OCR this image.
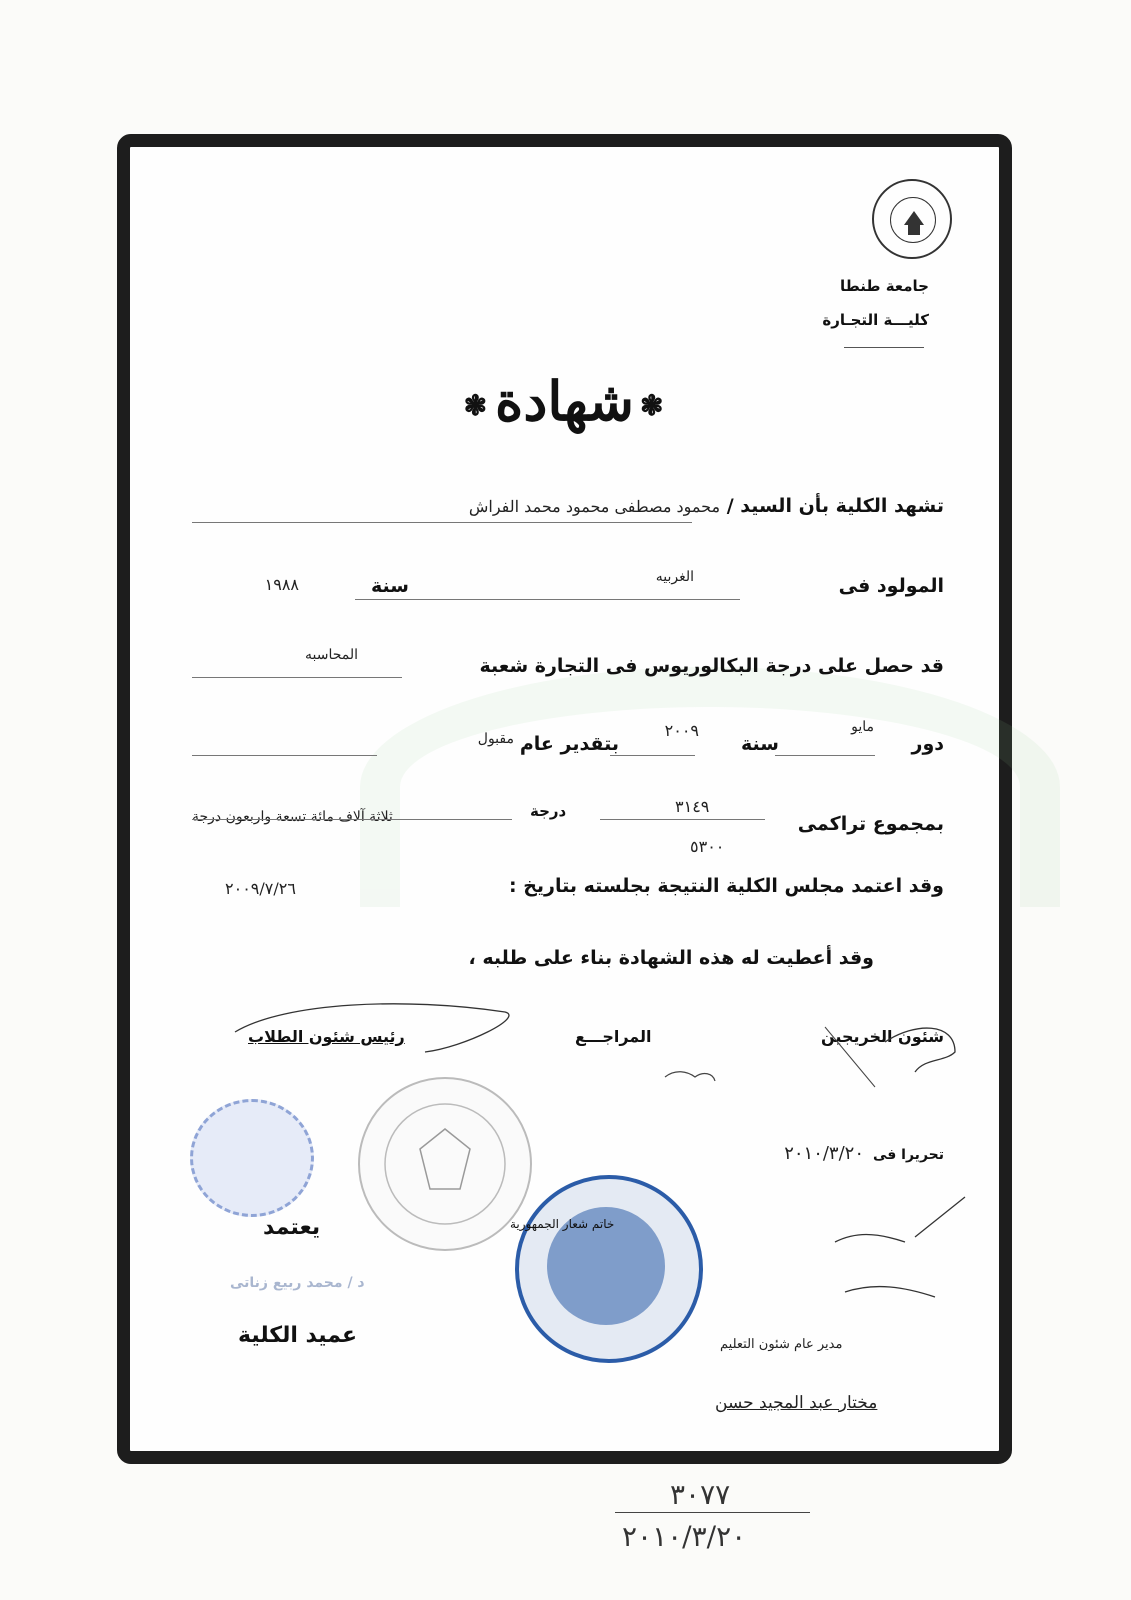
جامعة طنطا
كليـــة التجـارة
❃شهادة❃
تشهد الكلية بأن السيد / محمود مصطفى محمود محمد الفراش
المولود فى
الغربيه
سنة
١٩٨٨
قد حصل على درجة البكالوريوس فى التجارة شعبة
المحاسبه
دور
مايو
سنة
٢٠٠٩
بتقدير عام
مقبول
بمجموع تراكمى
٣١٤٩
٥٣٠٠
درجة
ثلاثة آلاف مائة تسعة واربعون درجة
وقد اعتمد مجلس الكلية النتيجة بجلسته بتاريخ :
٢٠٠٩/٧/٢٦
وقد أعطيت له هذه الشهادة بناء على طلبه ،
شئون الخريجين
المراجـــع
رئيس شئون الطلاب
تحريرا فى
٢٠١٠/٣/٢٠
خاتم شعار الجمهورية
يعتمد
د / محمد ربيع زناتى
عميد الكلية	مدير عام شئون التعليم
مختار عبد المجيد حسن
٣٠٧٧
٢٠١٠/٣/٢٠
